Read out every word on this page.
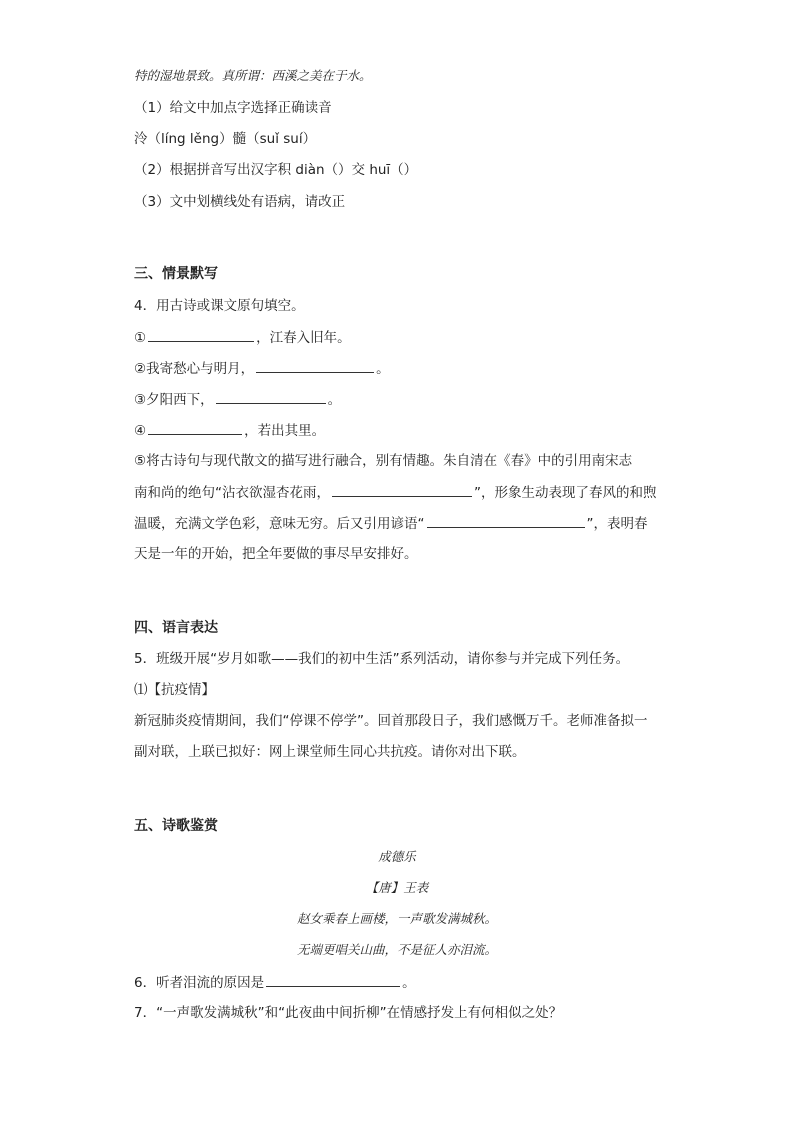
特的湿地景致。真所谓：西溪之美在于水。
（1）给文中加点字选择正确读音
泠（líng lěng）髓（suǐ suí）
（2）根据拼音写出汉字积 diàn（）交 huī（）
（3）文中划横线处有语病，请改正
三、情景默写
4．用古诗或课文原句填空。
①	，江春入旧年。
②我寄愁心与明月，	。
③夕阳西下，	。
④	，若出其里。
⑤将古诗句与现代散文的描写进行融合，别有情趣。朱自清在《春》中的引用南宋志
南和尚的绝句“沾衣欲湿杏花雨，	”，形象生动表现了春风的和煦
温暖，充满文学色彩，意味无穷。后又引用谚语“	”，表明春
天是一年的开始，把全年要做的事尽早安排好。
四、语言表达
5．班级开展“岁月如歌——我们的初中生活”系列活动，请你参与并完成下列任务。
⑴【抗疫情】
新冠肺炎疫情期间，我们“停课不停学”。回首那段日子，我们感慨万千。老师准备拟一
副对联，上联已拟好：网上课堂师生同心共抗疫。请你对出下联。
五、诗歌鉴赏
成德乐
【唐】王表
赵女乘春上画楼，一声歌发满城秋。
无端更唱关山曲，不是征人亦泪流。
6．听者泪流的原因是	。
7．“一声歌发满城秋”和“此夜曲中间折柳”在情感抒发上有何相似之处？
